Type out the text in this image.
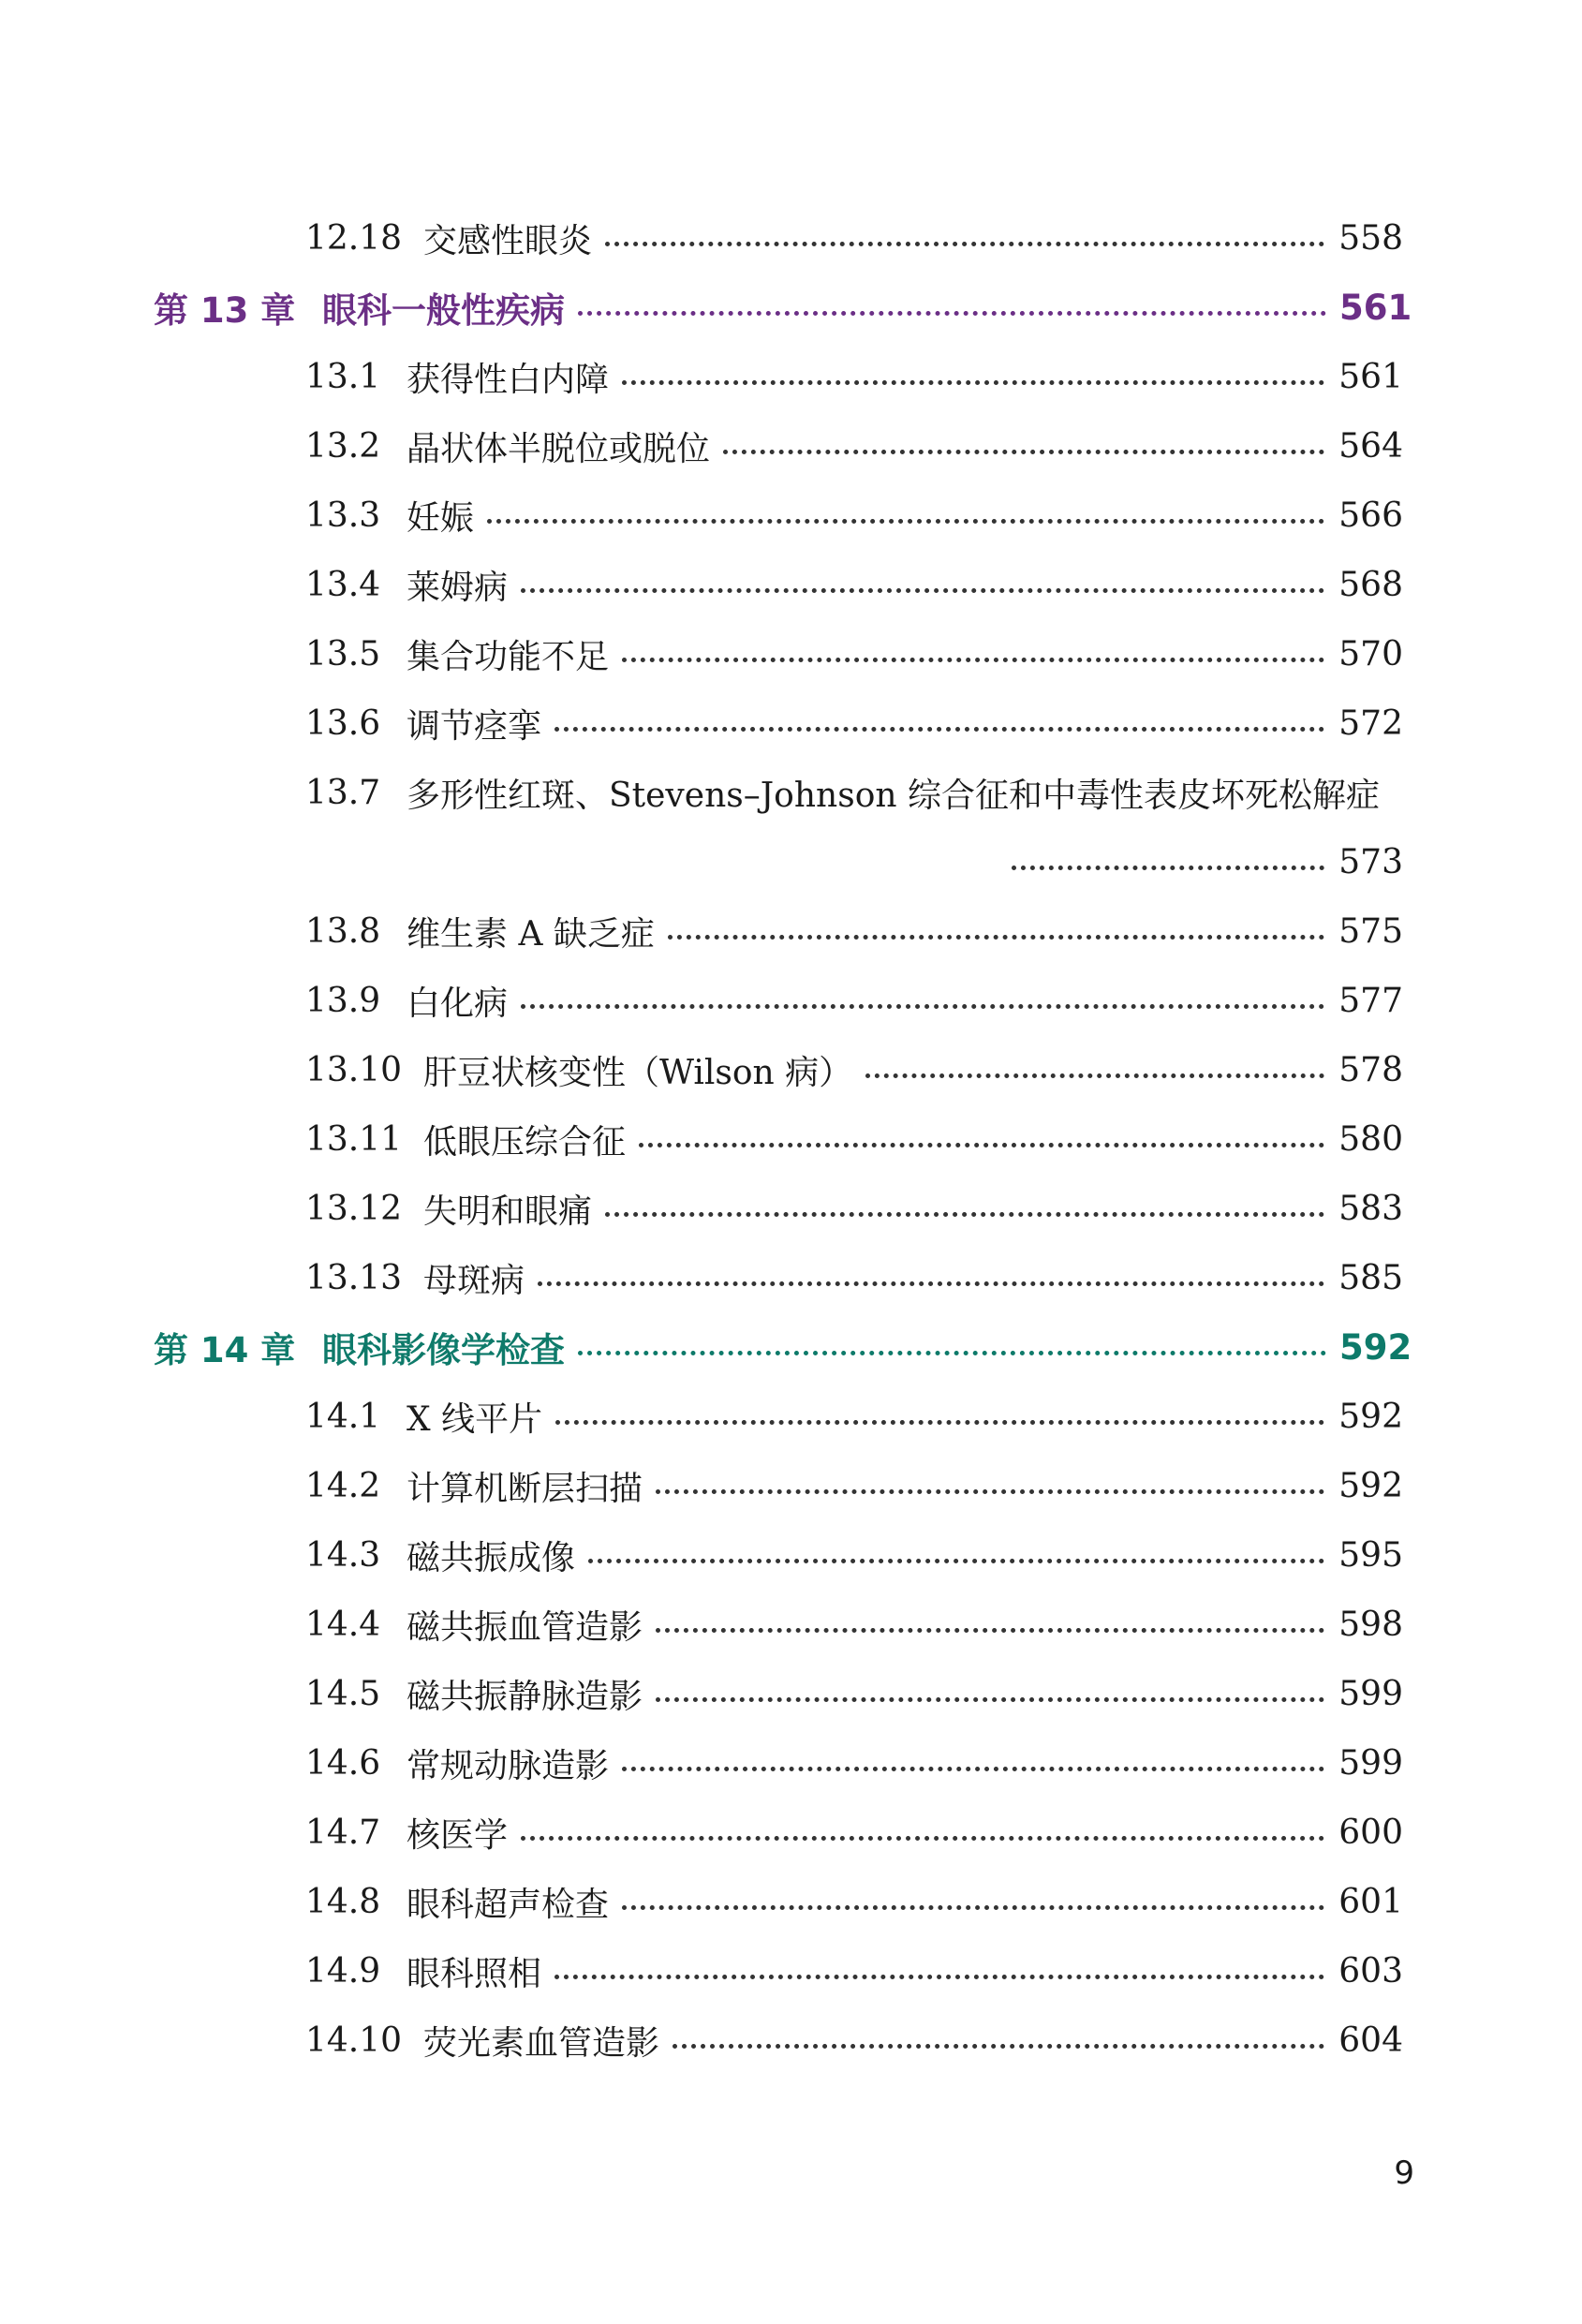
12.18 交感性眼炎	558
第 13 章 眼科一般性疾病	561
13.1 获得性白内障	561
13.2 晶状体半脱位或脱位	564
13.3 妊娠	566
13.4 莱姆病	568
13.5 集合功能不足	570
13.6 调节痉挛	572
13.7 多形性红斑、Stevens–Johnson 综合征和中毒性表皮坏死松解症
573
13.8 维生素 A 缺乏症	575
13.9 白化病	577
13.10 肝豆状核变性（Wilson 病）	578
13.11 低眼压综合征	580
13.12 失明和眼痛	583
13.13 母斑病	585
第 14 章 眼科影像学检查	592
14.1 X 线平片	592
14.2 计算机断层扫描	592
14.3 磁共振成像	595
14.4 磁共振血管造影	598
14.5 磁共振静脉造影	599
14.6 常规动脉造影	599
14.7 核医学	600
14.8 眼科超声检查	601
14.9 眼科照相	603
14.10 荧光素血管造影	604
9
